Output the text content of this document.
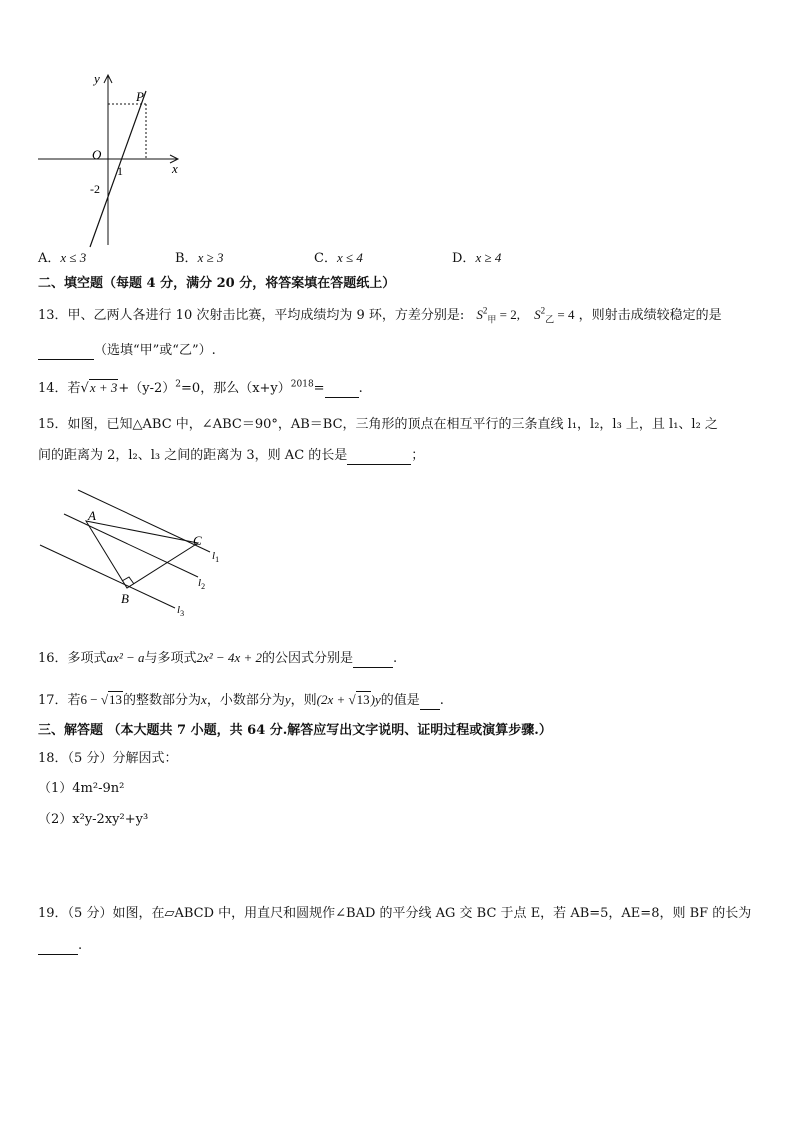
y
x
O
P
1
-2
A．x ≤ 3	B．x ≥ 3	C．x ≤ 4	D．x ≥ 4
二、填空题（每题 4 分，满分 20 分，将答案填在答题纸上）
13．甲、乙两人各进行 10 次射击比赛，平均成绩均为 9 环，方差分别是: $S^2_甲 = 2$, $S^2_乙 = 4$ ，则射击成绩较稳定的是
（选填“甲”或“乙”）.
14．若$√x + 3+(y-2)^2=0$，那么$(x+y)^{2018}=$	.
15．如图，已知△ABC 中，∠ABC＝90°，AB＝BC，三角形的顶点在相互平行的三条直线 l₁，l₂，l₃ 上，且 l₁、l₂ 之
间的距离为 2，l₂、l₃ 之间的距离为 3，则 AC 的长是	；
A
B
C
$l_1$
$l_2$
$l_3$
16．多项式ax² − a与多项式2x² − 4x + 2的公因式分别是	.
17．若6 − √13的整数部分为x，小数部分为y，则(2x + √13)y的值是 .
三、解答题 （本大题共 7 小题，共 64 分.解答应写出文字说明、证明过程或演算步骤.）
18．（5 分）分解因式：
（1）4m²-9n²
（2）x²y-2xy²+y³
19．（5 分）如图，在▱ABCD 中，用直尺和圆规作∠BAD 的平分线 AG 交 BC 于点 E，若 AB=5，AE=8，则 BF 的长为
.
